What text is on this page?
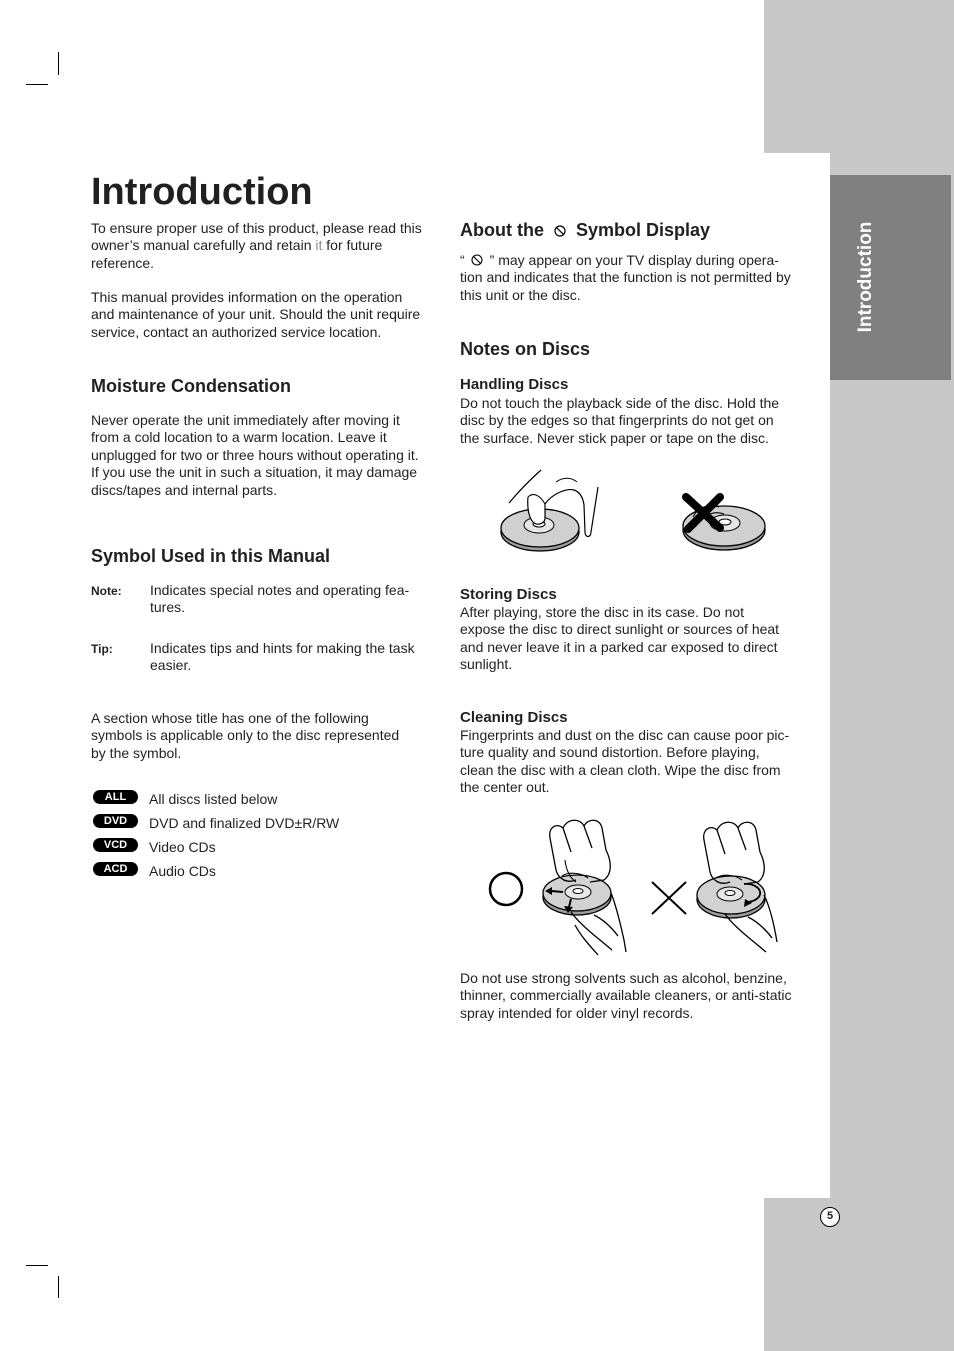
Introduction
Introduction
To ensure proper use of this product, please read this
owner’s manual carefully and retain it for future
reference.
This manual provides information on the operation
and maintenance of your unit. Should the unit require
service, contact an authorized service location.
Moisture Condensation
Never operate the unit immediately after moving it
from a cold location to a warm location. Leave it
unplugged for two or three hours without operating it.
If you use the unit in such a situation, it may damage
discs/tapes and internal parts.
Symbol Used in this Manual
Note:	Indicates special notes and operating fea-
tures.
Tip:	Indicates tips and hints for making the task
easier.
A section whose title has one of the following
symbols is applicable only to the disc represented
by the symbol.
ALL	All discs listed below
DVD	DVD and finalized DVD±R/RW
VCD	Video CDs
ACD	Audio CDs
About the Symbol Display
“ ” may appear on your TV display during opera-
tion and indicates that the function is not permitted by
this unit or the disc.
Notes on Discs
Handling Discs
Do not touch the playback side of the disc. Hold the
disc by the edges so that fingerprints do not get on
the surface. Never stick paper or tape on the disc.
Storing Discs
After playing, store the disc in its case. Do not
expose the disc to direct sunlight or sources of heat
and never leave it in a parked car exposed to direct
sunlight.
Cleaning Discs
Fingerprints and dust on the disc can cause poor pic-
ture quality and sound distortion. Before playing,
clean the disc with a clean cloth. Wipe the disc from
the center out.
Do not use strong solvents such as alcohol, benzine,
thinner, commercially available cleaners, or anti-static
spray intended for older vinyl records.
5
